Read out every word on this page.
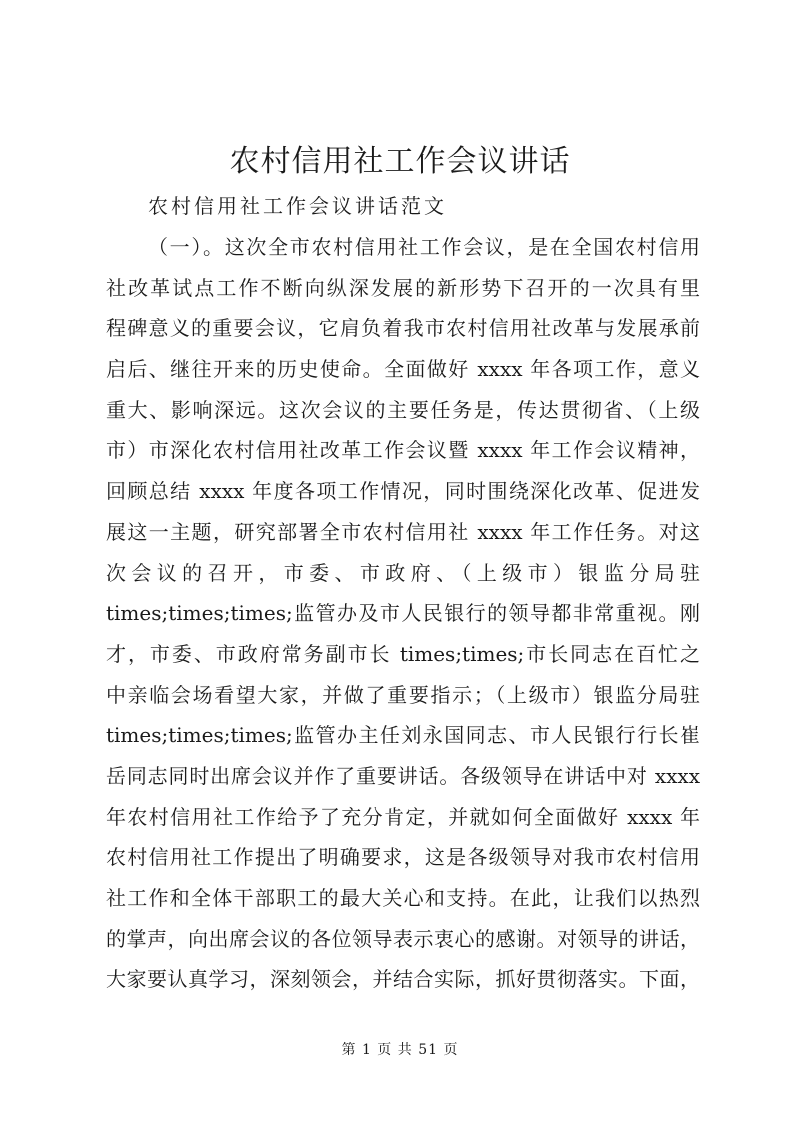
农村信用社工作会议讲话
农村信用社工作会议讲话范文
（一）。这次全市农村信用社工作会议，是在全国农村信用
社改革试点工作不断向纵深发展的新形势下召开的一次具有里
程碑意义的重要会议，它肩负着我市农村信用社改革与发展承前
启后、继往开来的历史使命。全面做好 xxxx 年各项工作，意义
重大、影响深远。这次会议的主要任务是，传达贯彻省、（上级
市）市深化农村信用社改革工作会议暨 xxxx 年工作会议精神，
回顾总结 xxxx 年度各项工作情况，同时围绕深化改革、促进发
展这一主题，研究部署全市农村信用社 xxxx 年工作任务。对这
次会议的召开，市委、市政府、（上级市）银监分局驻
times;times;times;监管办及市人民银行的领导都非常重视。刚
才，市委、市政府常务副市长 times;times;市长同志在百忙之
中亲临会场看望大家，并做了重要指示；（上级市）银监分局驻
times;times;times;监管办主任刘永国同志、市人民银行行长崔
岳同志同时出席会议并作了重要讲话。各级领导在讲话中对 xxxx
年农村信用社工作给予了充分肯定，并就如何全面做好 xxxx 年
农村信用社工作提出了明确要求，这是各级领导对我市农村信用
社工作和全体干部职工的最大关心和支持。在此，让我们以热烈
的掌声，向出席会议的各位领导表示衷心的感谢。对领导的讲话，
大家要认真学习，深刻领会，并结合实际，抓好贯彻落实。下面，
第 1 页 共 51 页
